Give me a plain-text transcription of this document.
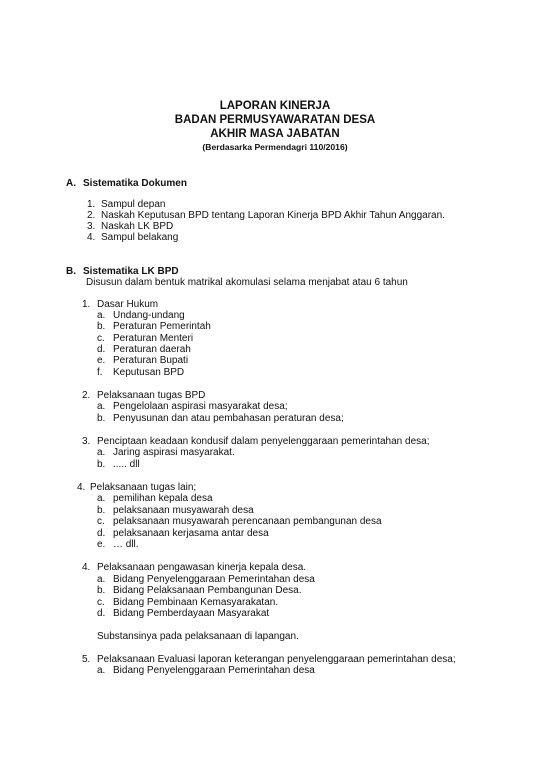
LAPORAN KINERJA
BADAN PERMUSYAWARATAN DESA
AKHIR MASA JABATAN
(Berdasarka Permendagri 110/2016)
A. Sistematika Dokumen
1. Sampul depan
2. Naskah Keputusan BPD tentang Laporan Kinerja BPD Akhir Tahun Anggaran.
3. Naskah LK BPD
4. Sampul belakang
B. Sistematika LK BPD
Disusun dalam bentuk matrikal akomulasi selama menjabat atau 6 tahun
1. Dasar Hukum
a. Undang-undang
b. Peraturan Pemerintah
c. Peraturan Menteri
d. Peraturan daerah
e. Peraturan Bupati
f. Keputusan BPD
2. Pelaksanaan tugas BPD
a. Pengelolaan aspirasi masyarakat desa;
b. Penyusunan dan atau pembahasan peraturan desa;
3. Penciptaan keadaan kondusif dalam penyelenggaraan pemerintahan desa;
a. Jaring aspirasi masyarakat.
b. ..... dll
4. Pelaksanaan tugas lain;
a. pemilihan kepala desa
b. pelaksanaan musyawarah desa
c. pelaksanaan musyawarah perencanaan pembangunan desa
d. pelaksanaan kerjasama antar desa
e. … dll.
4. Pelaksanaan pengawasan kinerja kepala desa.
a. Bidang Penyelenggaraan Pemerintahan desa
b. Bidang Pelaksanaan Pembangunan Desa.
c. Bidang Pembinaan Kemasyarakatan.
d. Bidang Pemberdayaan Masyarakat
Substansinya pada pelaksanaan di lapangan.
5. Pelaksanaan Evaluasi laporan keterangan penyelenggaraan pemerintahan desa;
a. Bidang Penyelenggaraan Pemerintahan desa
